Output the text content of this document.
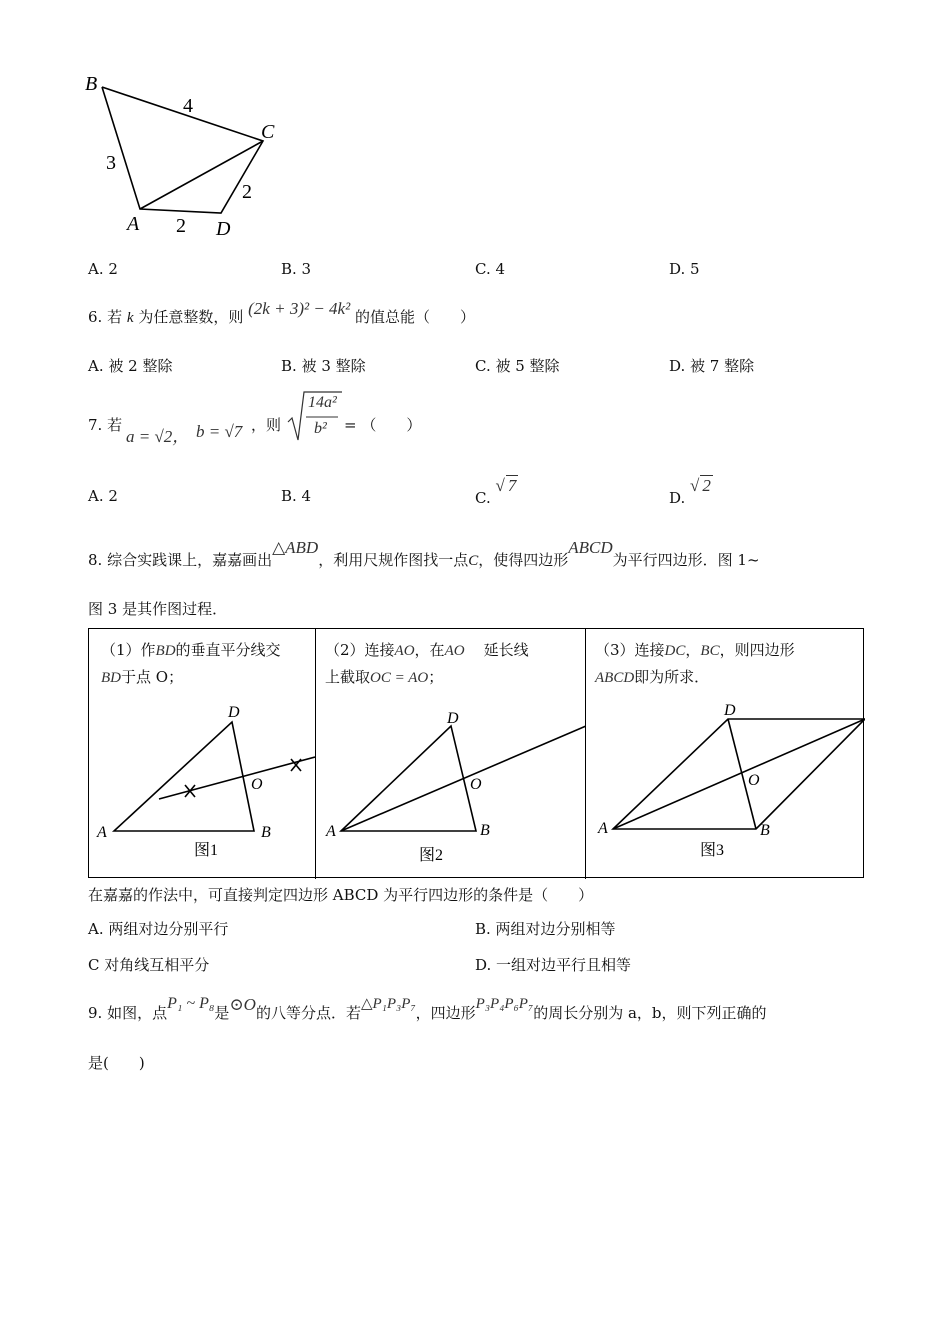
B
C
A	D
3
4
2
2
A. 2	B. 3	C. 4	D. 5
6. 若 k 为任意整数，则 (2k + 3)² − 4k² 的值总能（　　）
A. 被 2 整除	B. 被 3 整除	C. 被 5 整除	D. 被 7 整除
7. 若
a = √2， b = √7 ，则
14a²
b² = （　　）
A. 2	B. 4	C. √ 7
D. √ 2
8. 综合实践课上，嘉嘉画出△ABD，利用尺规作图找一点C，使得四边形ABCD为平行四边形．图 1~
图 3 是其作图过程．
（1）作BD的垂直平分线交
BD于点 O；
（2）连接AO，在AO 延长线
上截取OC = AO；
（3）连接DC，BC，则四边形
ABCD即为所求．
A	B
D
O
图1
A	B
D
O
图2
A	B
D
O
图3
在嘉嘉的作法中，可直接判定四边形 ABCD 为平行四边形的条件是（　　）
A. 两组对边分别平行	B. 两组对边分别相等
C 对角线互相平分	D. 一组对边平行且相等
9. 如图，点P₁ ~ P₈是⊙O的八等分点．若△P₁P₃P₇，四边形P₃P₄P₆P₇的周长分别为 a，b，则下列正确的
是(　　)
